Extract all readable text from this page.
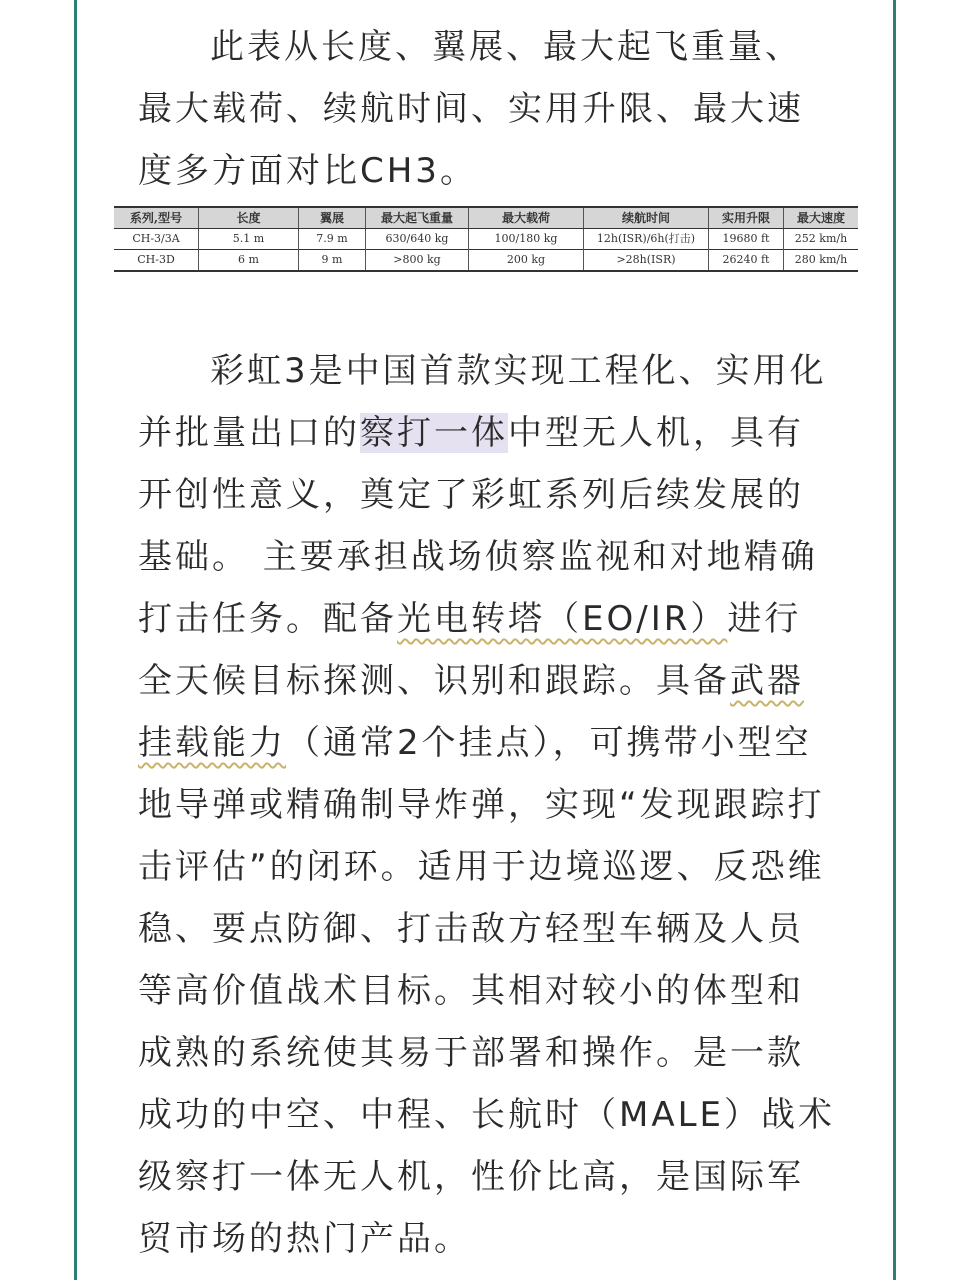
此表从长度、翼展、最大起飞重量、最大载荷、续航时间、实用升限、最大速度多方面对比CH3。
系列,型号	长度	翼展	最大起飞重量	最大载荷	续航时间	实用升限	最大速度
CH-3/3A	5.1 m	7.9 m	630/640 kg	100/180 kg	12h(ISR)/6h(打击)	19680 ft	252 km/h
CH-3D	6 m	9 m	>800 kg	200 kg	>28h(ISR)	26240 ft	280 km/h
彩虹3是中国首款实现工程化、实用化并批量出口的察打一体中型无人机，具有开创性意义，奠定了彩虹系列后续发展的基础。 主要承担战场侦察监视和对地精确打击任务。配备光电转塔（EO/IR）进行全天候目标探测、识别和跟踪。具备武器挂载能力（通常2个挂点），可携带小型空地导弹或精确制导炸弹，实现“发现跟踪打击评估”的闭环。适用于边境巡逻、反恐维稳、要点防御、打击敌方轻型车辆及人员等高价值战术目标。其相对较小的体型和成熟的系统使其易于部署和操作。是一款成功的中空、中程、长航时（MALE）战术级察打一体无人机，性价比高，是国际军贸市场的热门产品。
